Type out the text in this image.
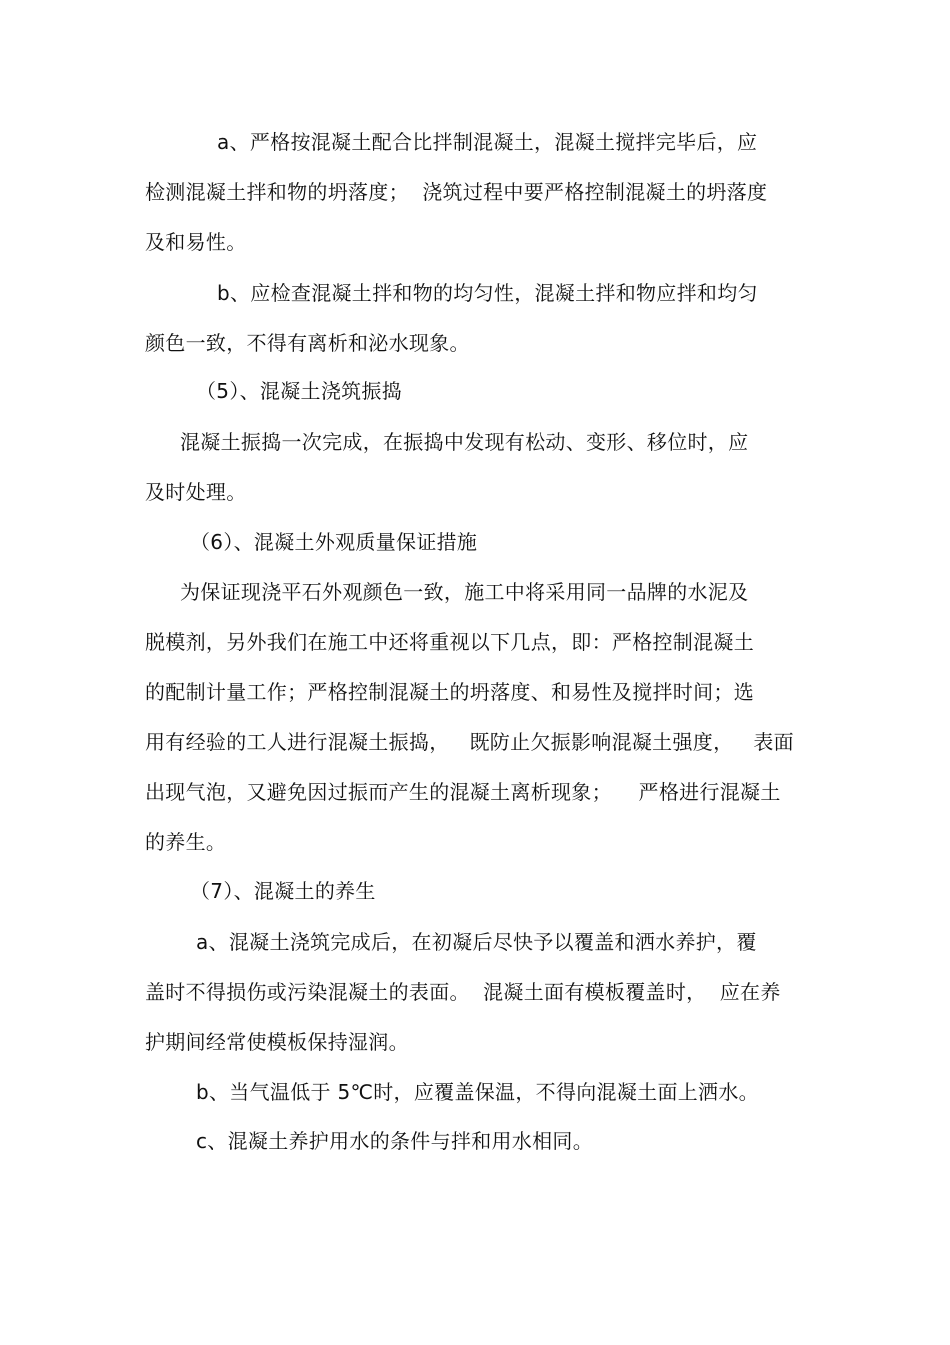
a、严格按混凝土配合比拌制混凝土，混凝土搅拌完毕后，应
检测混凝土拌和物的坍落度；  浇筑过程中要严格控制混凝土的坍落度
及和易性。
b、应检查混凝土拌和物的均匀性，混凝土拌和物应拌和均匀
颜色一致，不得有离析和泌水现象。
（5）、混凝土浇筑振捣
混凝土振捣一次完成，在振捣中发现有松动、变形、移位时，应
及时处理。
（6）、混凝土外观质量保证措施
为保证现浇平石外观颜色一致，施工中将采用同一品牌的水泥及
脱模剂，另外我们在施工中还将重视以下几点，即：严格控制混凝土
的配制计量工作；严格控制混凝土的坍落度、和易性及搅拌时间；选
用有经验的工人进行混凝土振捣，   既防止欠振影响混凝土强度，   表面
出现气泡，又避免因过振而产生的混凝土离析现象；    严格进行混凝土
的养生。
（7）、混凝土的养生
a、混凝土浇筑完成后，在初凝后尽快予以覆盖和洒水养护，覆
盖时不得损伤或污染混凝土的表面。  混凝土面有模板覆盖时，  应在养
护期间经常使模板保持湿润。
b、当气温低于 5℃时，应覆盖保温，不得向混凝土面上洒水。
c、混凝土养护用水的条件与拌和用水相同。
